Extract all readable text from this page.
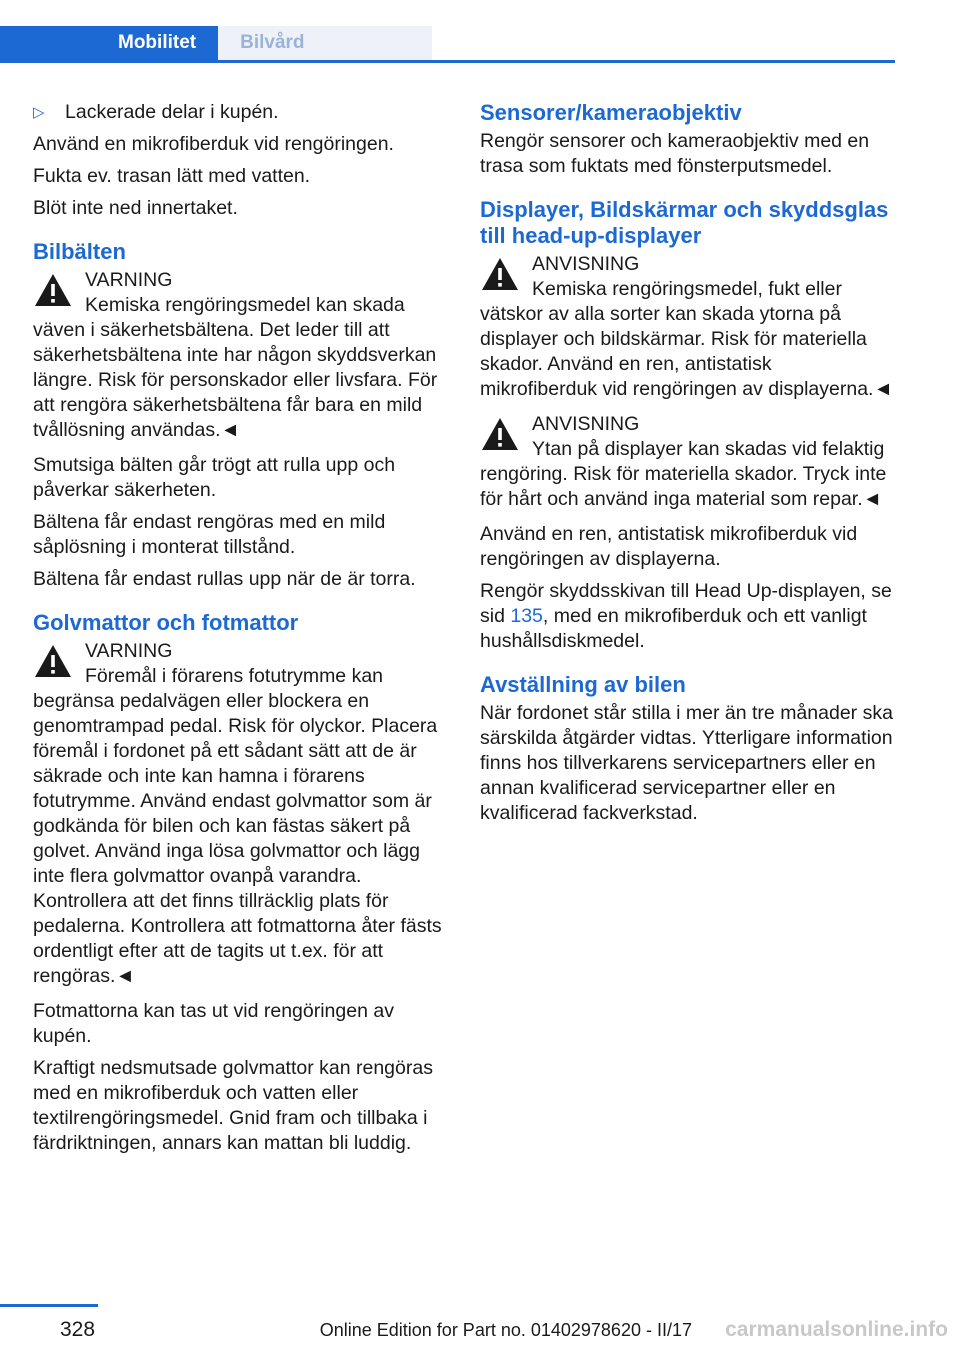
Mobilitet	Bilvård
▷	Lackerade delar i kupén.

Använd en mikrofiberduk vid rengöringen.

Fukta ev. trasan lätt med vatten.

Blöt inte ned innertaket.

Bilbälten

VARNING

Kemiska rengöringsmedel kan skada väven i säkerhetsbältena. Det leder till att säkerhetsbältena inte har någon skyddsverkan längre. Risk för personskador eller livsfara. För att rengöra säkerhetsbältena får bara en mild tvållösning användas.◄

Smutsiga bälten går trögt att rulla upp och påverkar säkerheten.

Bältena får endast rengöras med en mild såplösning i monterat tillstånd.

Bältena får endast rullas upp när de är torra.

Golvmattor och fotmattor

VARNING

Föremål i förarens fotutrymme kan begränsa pedalvägen eller blockera en genomtrampad pedal. Risk för olyckor. Placera föremål i fordonet på ett sådant sätt att de är säkrade och inte kan hamna i förarens fotutrymme. Använd endast golvmattor som är godkända för bilen och kan fästas säkert på golvet. Använd inga lösa golvmattor och lägg inte flera golvmattor ovanpå varandra. Kontrollera att det finns tillräcklig plats för pedalerna. Kontrollera att fotmattorna åter fästs ordentligt efter att de tagits ut t.ex. för att rengöras.◄

Fotmattorna kan tas ut vid rengöringen av kupén.

Kraftigt nedsmutsade golvmattor kan rengöras med en mikrofiberduk och vatten eller textilrengöringsmedel. Gnid fram och tillbaka i färdriktningen, annars kan mattan bli luddig.

Sensorer/kameraobjektiv

Rengör sensorer och kameraobjektiv med en trasa som fuktats med fönsterputsmedel.

Displayer, Bildskärmar och skyddsglas till head-up-displayer

ANVISNING

Kemiska rengöringsmedel, fukt eller vätskor av alla sorter kan skada ytorna på displayer och bildskärmar. Risk för materiella skador. Använd en ren, antistatisk mikrofiberduk vid rengöringen av displayerna.◄

ANVISNING

Ytan på displayer kan skadas vid felaktig rengöring. Risk för materiella skador. Tryck inte för hårt och använd inga material som repar.◄

Använd en ren, antistatisk mikrofiberduk vid rengöringen av displayerna.

Rengör skyddsskivan till Head Up-displayen, se sid 135, med en mikrofiberduk och ett vanligt hushållsdiskmedel.

Avställning av bilen

När fordonet står stilla i mer än tre månader ska särskilda åtgärder vidtas. Ytterligare information finns hos tillverkarens servicepartners eller en annan kvalificerad servicepartner eller en kvalificerad fackverkstad.

328	Online Edition for Part no. 01402978620 - II/17 carmanualsonline.info
